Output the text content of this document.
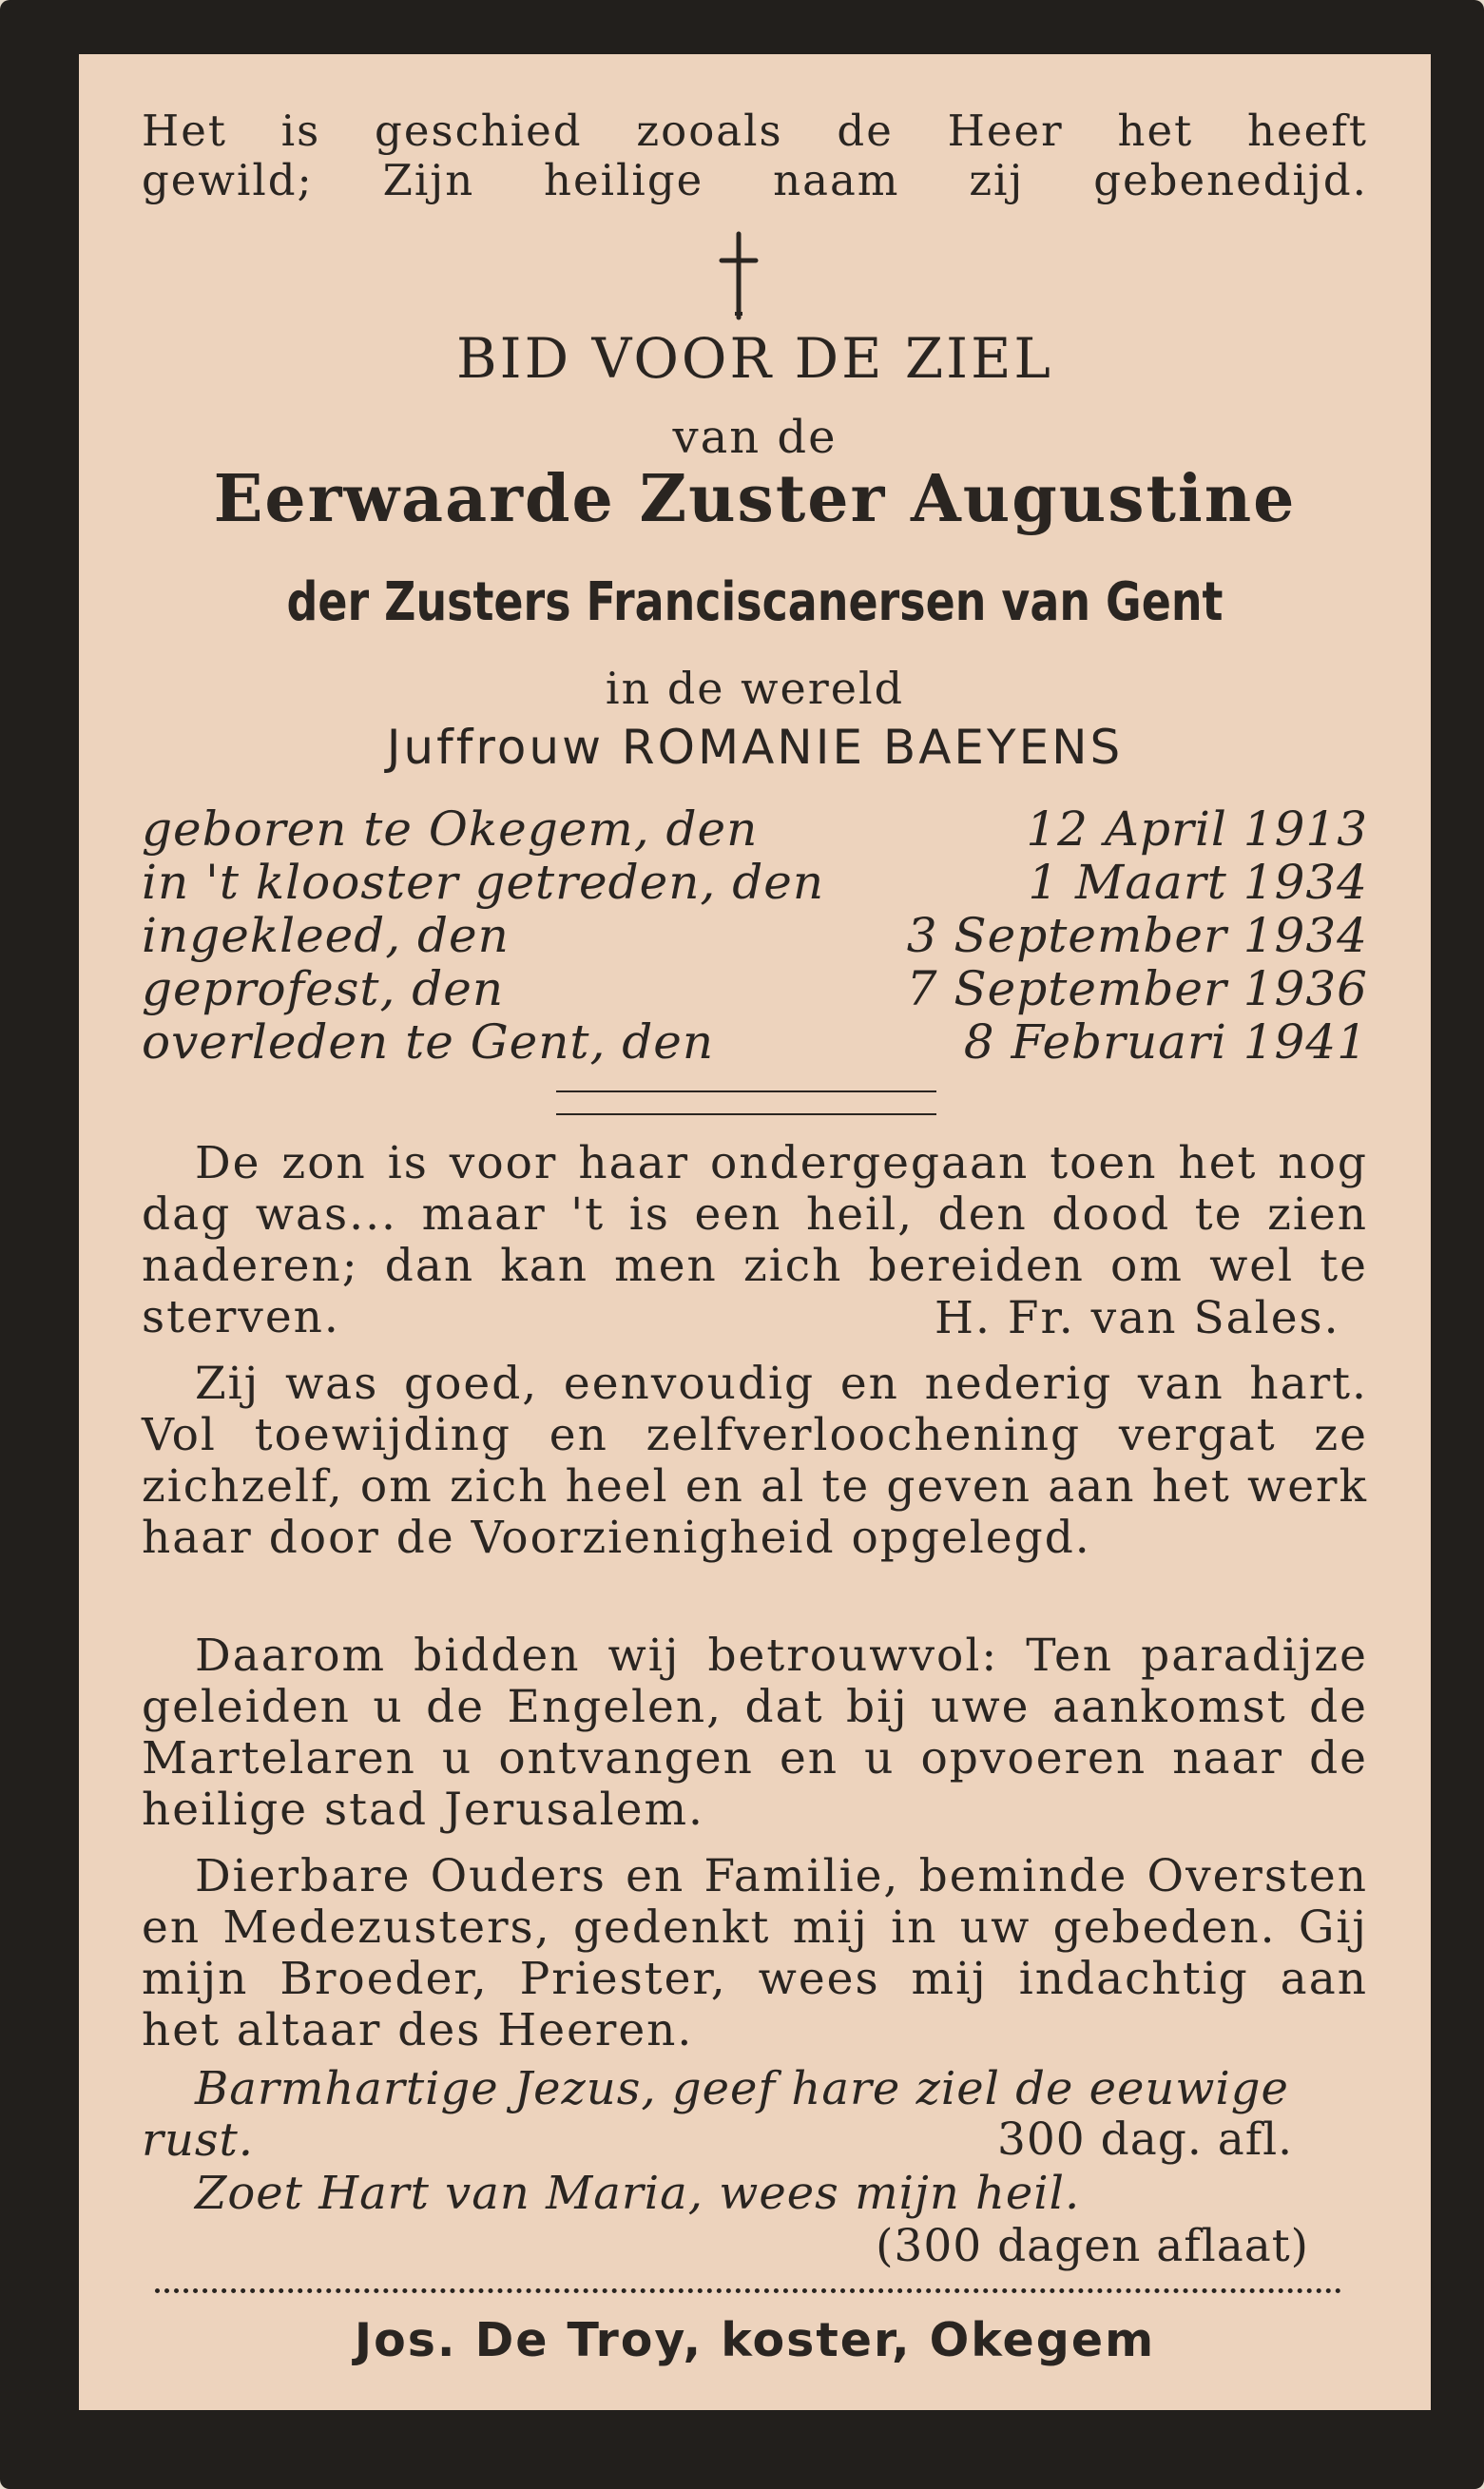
Het is geschied zooals de Heer het heeft
gewild; Zijn heilige naam zij gebenedijd.
BID VOOR DE ZIEL
van de
Eerwaarde Zuster Augustine
der Zusters Franciscanersen van Gent
in de wereld
Juffrouw ROMANIE BAEYENS
geboren te Okegem, den	12 April 1913
in 't klooster getreden, den	1 Maart 1934
ingekleed, den	3 September 1934
geprofest, den	7 September 1936
overleden te Gent, den	8 Februari 1941
De zon is voor haar ondergegaan toen het nog dag was... maar 't is een heil, den dood te zien naderen; dan kan men zich bereiden om wel te sterven.	H. Fr. van Sales.
Zij was goed, eenvoudig en nederig van hart. Vol toewijding en zelfverloochening vergat ze zichzelf, om zich heel en al te geven aan het werk haar door de Voorzienigheid opgelegd.
Daarom bidden wij betrouwvol: Ten paradijze geleiden u de Engelen, dat bij uwe aankomst de Martelaren u ontvangen en u opvoeren naar de heilige stad Jerusalem.
Dierbare Ouders en Familie, beminde Oversten en Medezusters, gedenkt mij in uw gebeden. Gij mijn Broeder, Priester, wees mij indachtig aan het altaar des Heeren.
Barmhartige Jezus, geef hare ziel de eeuwige
rust.	300 dag. afl.
Zoet Hart van Maria, wees mijn heil.
(300 dagen aflaat)
Jos. De Troy, koster, Okegem
